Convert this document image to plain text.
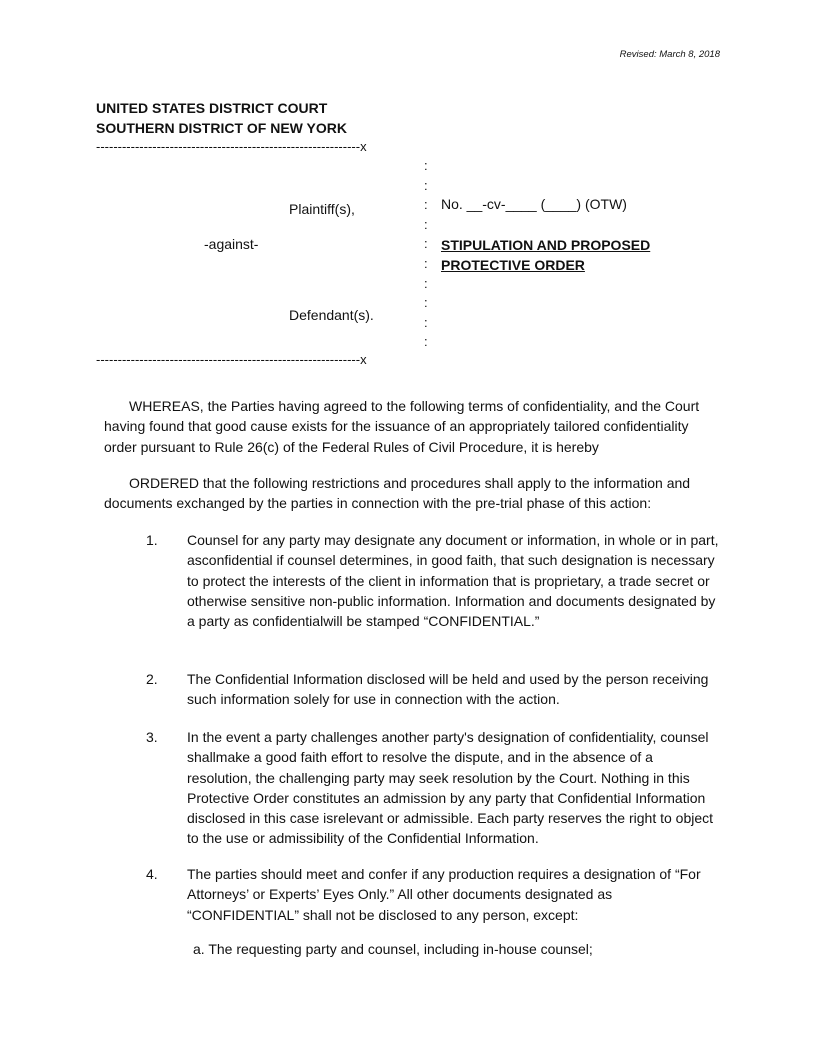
Revised: March 8, 2018
UNITED STATES DISTRICT COURT
SOUTHERN DISTRICT OF NEW YORK
-------------------------------------------------------------x
:
:
:
:
:
:
:
:
:
:
Plaintiff(s),
-against-
Defendant(s).
No. __-cv-____ (____) (OTW)
STIPULATION AND PROPOSED PROTECTIVE ORDER
-------------------------------------------------------------x
WHEREAS, the Parties having agreed to the following terms of confidentiality, and the Court having found that good cause exists for the issuance of an appropriately tailored confidentiality order pursuant to Rule 26(c) of the Federal Rules of Civil Procedure, it is hereby
ORDERED that the following restrictions and procedures shall apply to the information and documents exchanged by the parties in connection with the pre-trial phase of this action:
1. Counsel for any party may designate any document or information, in whole or in part, asconfidential if counsel determines, in good faith, that such designation is necessary to protect the interests of the client in information that is proprietary, a trade secret or otherwise sensitive non-public information. Information and documents designated by a party as confidentialwill be stamped “CONFIDENTIAL.”
2. The Confidential Information disclosed will be held and used by the person receiving such information solely for use in connection with the action.
3. In the event a party challenges another party's designation of confidentiality, counsel shallmake a good faith effort to resolve the dispute, and in the absence of a resolution, the challenging party may seek resolution by the Court. Nothing in this Protective Order constitutes an admission by any party that Confidential Information disclosed in this case isrelevant or admissible. Each party reserves the right to object to the use or admissibility of the Confidential Information.
4. The parties should meet and confer if any production requires a designation of “For Attorneys’ or Experts’ Eyes Only.” All other documents designated as “CONFIDENTIAL” shall not be disclosed to any person, except:
a. The requesting party and counsel, including in-house counsel;
